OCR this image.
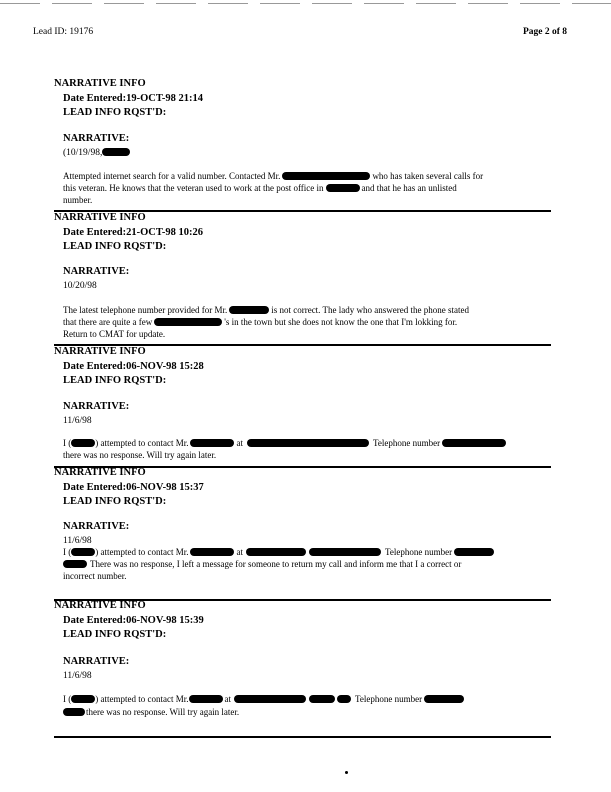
Lead ID: 19176	Page 2 of 8
NARRATIVE INFO
Date Entered:19-OCT-98 21:14
LEAD INFO RQST'D:
NARRATIVE:
(10/19/98,
Attempted internet search for a valid number. Contacted Mr.	who has taken several calls for
this veteran. He knows that the veteran used to work at the post office in	and that he has an unlisted
number.
NARRATIVE INFO
Date Entered:21-OCT-98 10:26
LEAD INFO RQST'D:
NARRATIVE:
10/20/98
The latest telephone number provided for Mr.	is not correct. The lady who answered the phone stated
that there are quite a few	's in the town but she does not know the one that I'm lokking for.
Return to CMAT for update.
NARRATIVE INFO
Date Entered:06-NOV-98 15:28
LEAD INFO RQST'D:
NARRATIVE:
11/6/98
I (	) attempted to contact Mr.	at	Telephone number
there was no response. Will try again later.
NARRATIVE INFO
Date Entered:06-NOV-98 15:37
LEAD INFO RQST'D:
NARRATIVE:
11/6/98
I (	) attempted to contact Mr.	at	Telephone number
There was no response, I left a message for someone to return my call and inform me that I a correct or
incorrect number.
NARRATIVE INFO
Date Entered:06-NOV-98 15:39
LEAD INFO RQST'D:
NARRATIVE:
11/6/98
I (	) attempted to contact Mr.	at	Telephone number
there was no response. Will try again later.
